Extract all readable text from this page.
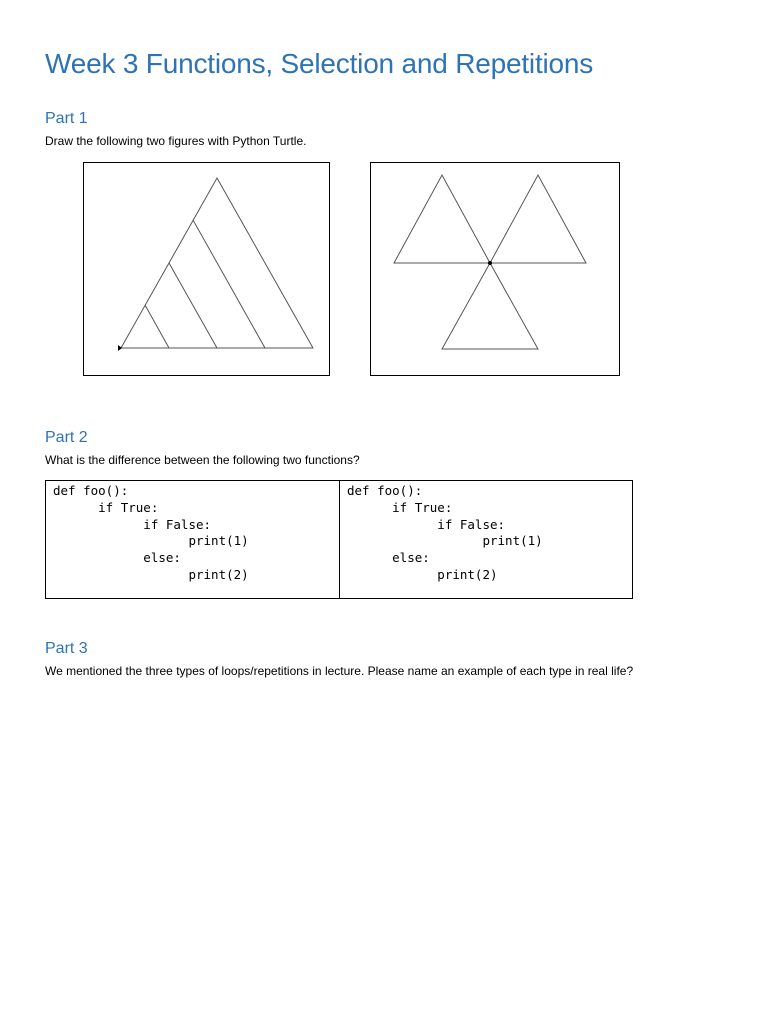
Week 3 Functions, Selection and Repetitions
Part 1

Draw the following two figures with Python Turtle.

Part 2

What is the difference between the following two functions?

def foo():
if True:
if False:
print(1)
else:
print(2)
def foo():
if True:
if False:
print(1)
else:
print(2)
Part 3

We mentioned the three types of loops/repetitions in lecture. Please name an example of each type in real life?
